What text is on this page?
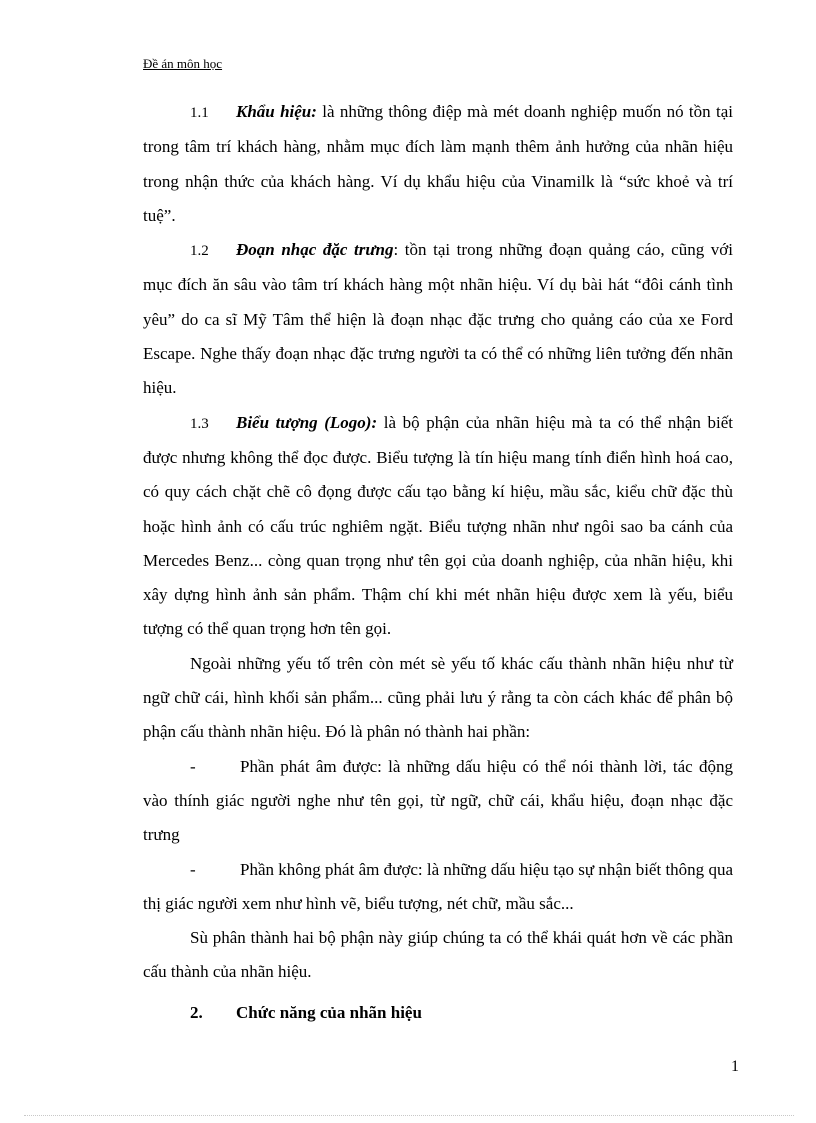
Đề án môn học

1.1 Khẩu hiệu: là những thông điệp mà mét doanh nghiệp muốn nó tồn tại trong tâm trí khách hàng, nhằm mục đích làm mạnh thêm ảnh hưởng của nhãn hiệu trong nhận thức của khách hàng. Ví dụ khẩu hiệu của Vinamilk là “sức khoẻ và trí tuệ”.

1.2 Đoạn nhạc đặc trưng: tồn tại trong những đoạn quảng cáo, cũng với mục đích ăn sâu vào tâm trí khách hàng một nhãn hiệu. Ví dụ bài hát “đôi cánh tình yêu” do ca sĩ Mỹ Tâm thể hiện là đoạn nhạc đặc trưng cho quảng cáo của xe Ford Escape. Nghe thấy đoạn nhạc đặc trưng người ta có thể có những liên tưởng đến nhãn hiệu.

1.3 Biểu tượng (Logo): là bộ phận của nhãn hiệu mà ta có thể nhận biết được nhưng không thể đọc được. Biểu tượng là tín hiệu mang tính điển hình hoá cao, có quy cách chặt chẽ cô đọng được cấu tạo bằng kí hiệu, mầu sắc, kiểu chữ đặc thù hoặc hình ảnh có cấu trúc nghiêm ngặt. Biểu tượng nhãn như ngôi sao ba cánh của Mercedes Benz... còng quan trọng như tên gọi của doanh nghiệp, của nhãn hiệu, khi xây dựng hình ảnh sản phẩm. Thậm chí khi mét nhãn hiệu được xem là yếu, biểu tượng có thể quan trọng hơn tên gọi.

Ngoài những yếu tố trên còn mét sè yếu tố khác cấu thành nhãn hiệu như từ ngữ chữ cái, hình khối sản phẩm... cũng phải lưu ý rằng ta còn cách khác để phân bộ phận cấu thành nhãn hiệu. Đó là phân nó thành hai phần:

-	Phần phát âm được: là những dấu hiệu có thể nói thành lời, tác động vào thính giác người nghe như tên gọi, từ ngữ, chữ cái, khẩu hiệu, đoạn nhạc đặc trưng

-	Phần không phát âm được: là những dấu hiệu tạo sự nhận biết thông qua thị giác người xem như hình vẽ, biểu tượng, nét chữ, mầu sắc...

Sù phân thành hai bộ phận này giúp chúng ta có thể khái quát hơn về các phần cấu thành của nhãn hiệu.

2. Chức năng của nhãn hiệu

1
